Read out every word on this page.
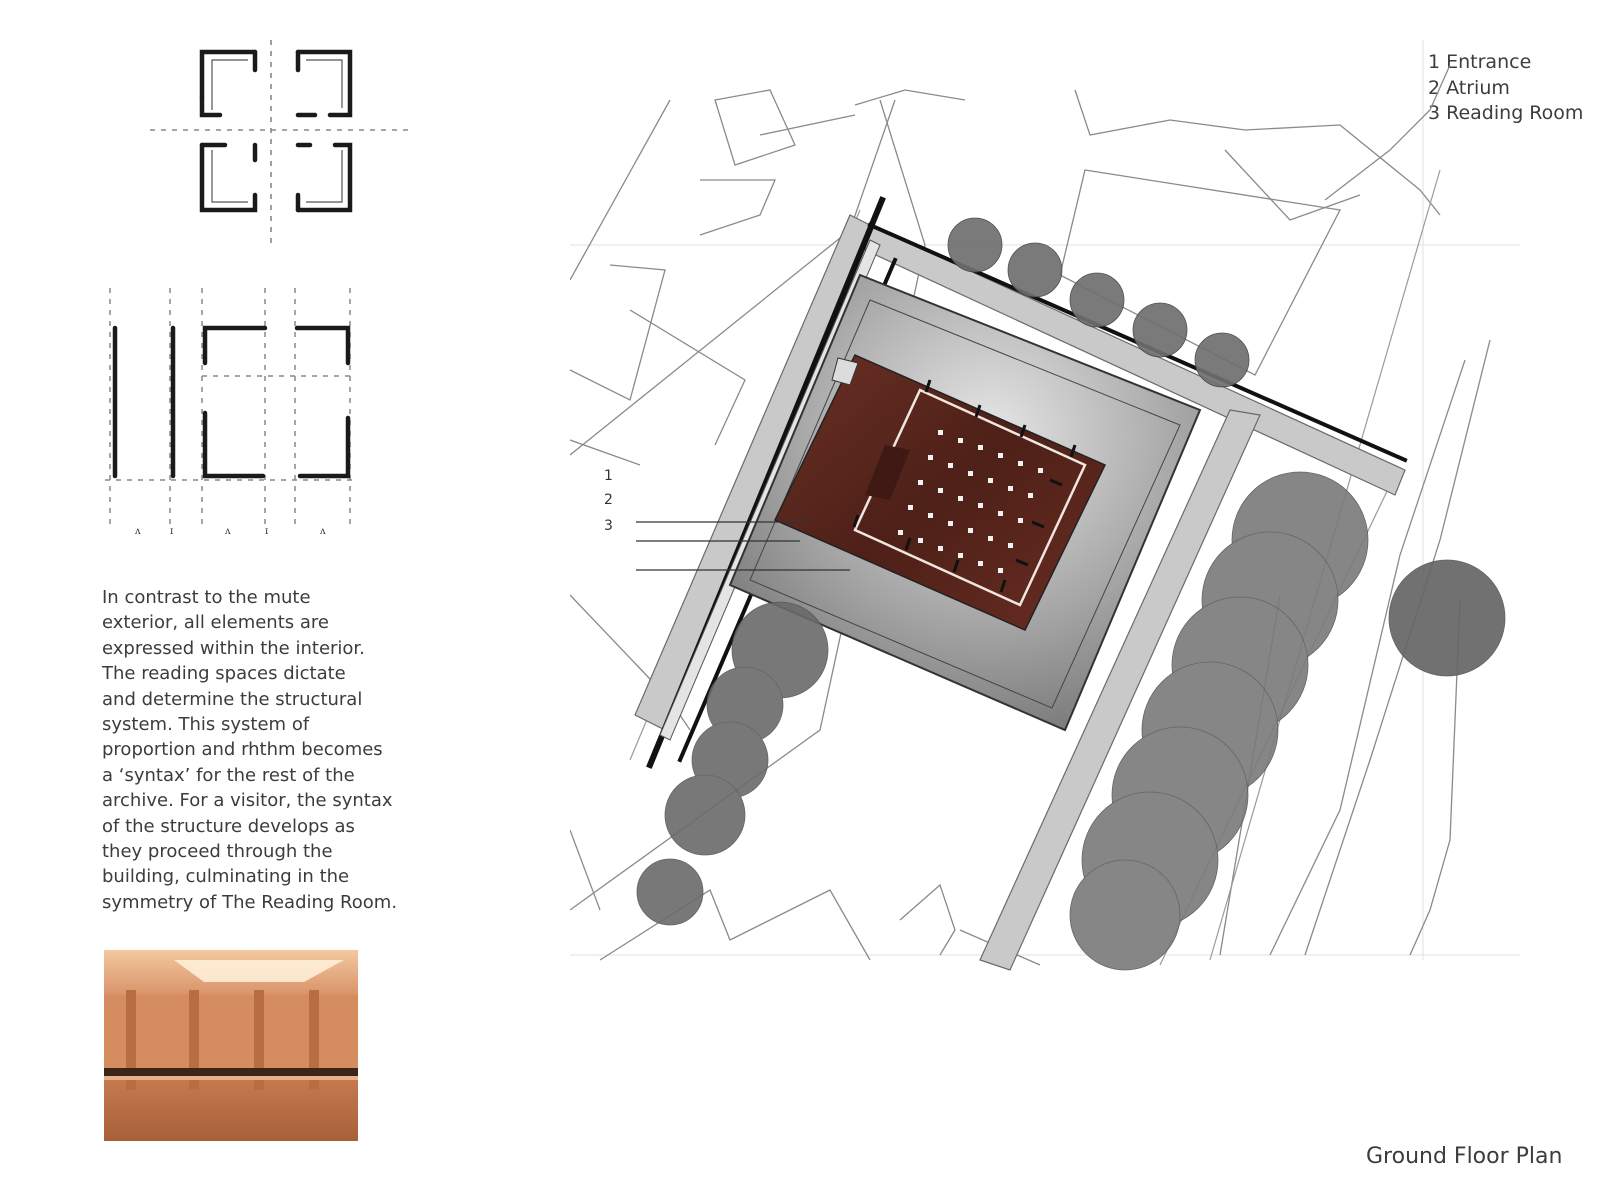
1 Entrance
2 Atrium
3 Reading Room
ʌ	ɪ	ʌ	ɪ	ʌ
In contrast to the mute
exterior, all elements are
expressed within the interior.
The reading spaces dictate
and determine the structural
system. This system of
proportion and rhthm becomes
a ‘syntax’ for the rest of the
archive. For a visitor, the syntax
of the structure develops as
they proceed through the
building, culminating in the
symmetry of The Reading Room.
1
2
3
Ground Floor Plan
